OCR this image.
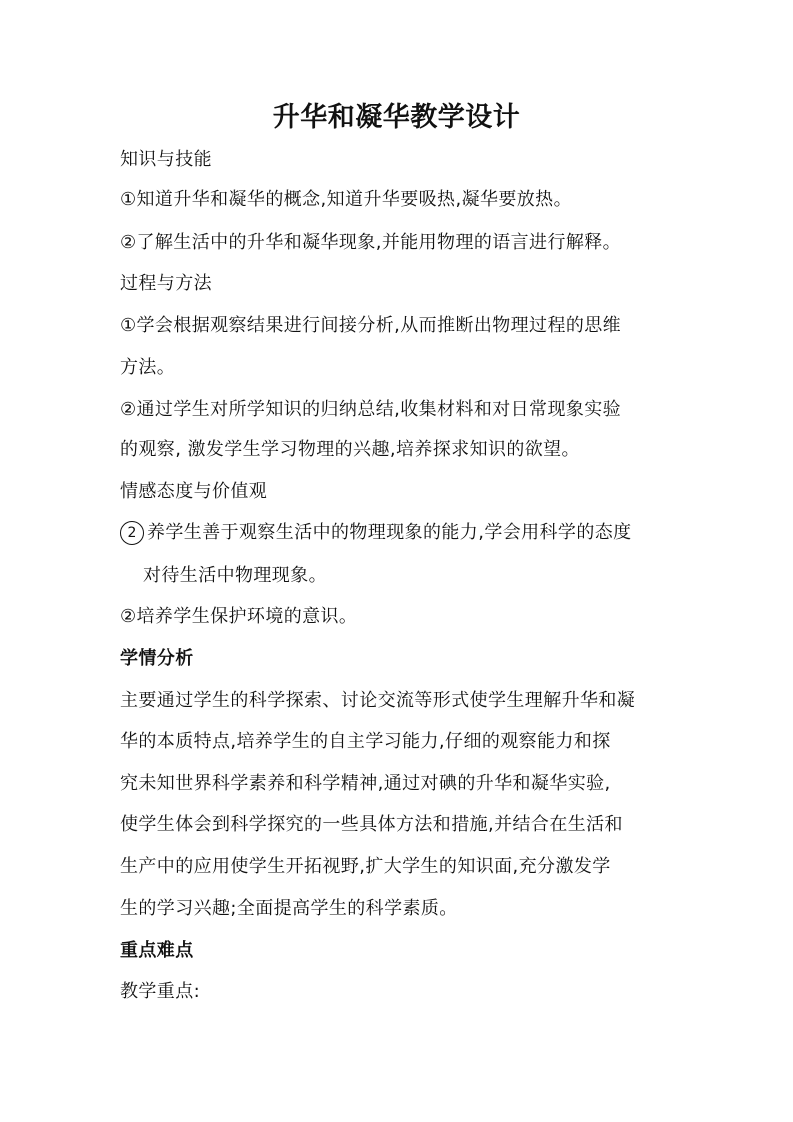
升华和凝华教学设计
知识与技能
①知道升华和凝华的概念,知道升华要吸热,凝华要放热。
②了解生活中的升华和凝华现象,并能用物理的语言进行解释。
过程与方法
①学会根据观察结果进行间接分析,从而推断出物理过程的思维
方法。
②通过学生对所学知识的归纳总结,收集材料和对日常现象实验
的观察, 激发学生学习物理的兴趣,培养探求知识的欲望。
情感态度与价值观
2 养学生善于观察生活中的物理现象的能力,学会用科学的态度
对待生活中物理现象。
②培养学生保护环境的意识。
学情分析
主要通过学生的科学探索、讨论交流等形式使学生理解升华和凝
华的本质特点,培养学生的自主学习能力,仔细的观察能力和探
究未知世界科学素养和科学精神,通过对碘的升华和凝华实验,
使学生体会到科学探究的一些具体方法和措施,并结合在生活和
生产中的应用使学生开拓视野,扩大学生的知识面,充分激发学
生的学习兴趣;全面提高学生的科学素质。
重点难点
教学重点:
